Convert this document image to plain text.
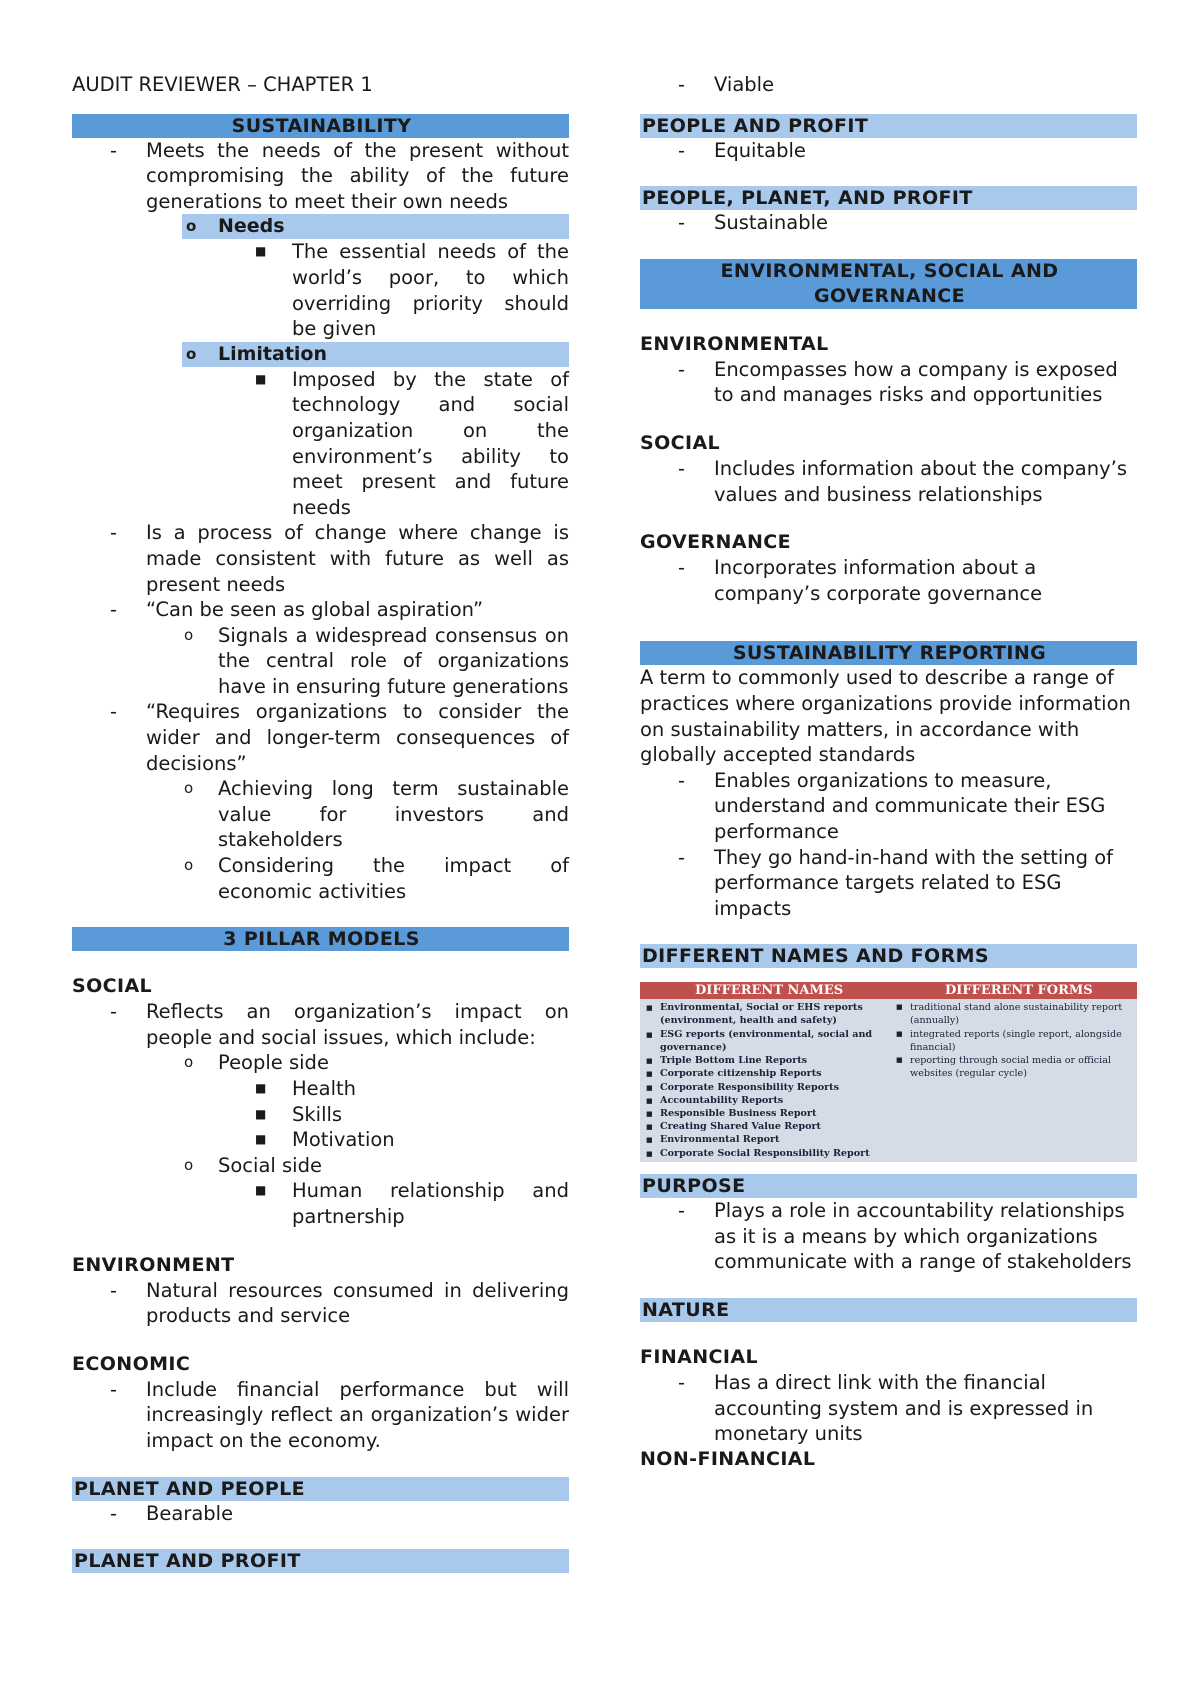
AUDIT REVIEWER – CHAPTER 1
SUSTAINABILITY
- Meets the needs of the present without compromising the ability of the future generations to meet their own needs
o Needs
■ The essential needs of the world’s poor, to which overriding priority should be given
o Limitation
■ Imposed by the state of technology and social organization on the environment’s ability to meet present and future needs
- Is a process of change where change is made consistent with future as well as present needs
- “Can be seen as global aspiration”
o Signals a widespread consensus on the central role of organizations have in ensuring future generations
- “Requires organizations to consider the wider and longer-term consequences of decisions”
o Achieving long term sustainable value for investors and stakeholders
o Considering the impact of economic activities
3 PILLAR MODELS
SOCIAL
- Reflects an organization’s impact on people and social issues, which include:
o People side
■ Health
■ Skills
■ Motivation
o Social side
■ Human relationship and partnership
ENVIRONMENT
- Natural resources consumed in delivering products and service
ECONOMIC
- Include financial performance but will increasingly reflect an organization’s wider impact on the economy.
PLANET AND PEOPLE
- Bearable
PLANET AND PROFIT
- Viable
PEOPLE AND PROFIT
- Equitable
PEOPLE, PLANET, AND PROFIT
- Sustainable
ENVIRONMENTAL, SOCIAL AND
GOVERNANCE
ENVIRONMENTAL
- Encompasses how a company is exposed to and manages risks and opportunities
SOCIAL
- Includes information about the company’s values and business relationships
GOVERNANCE
- Incorporates information about a company’s corporate governance
SUSTAINABILITY REPORTING
A term to commonly used to describe a range of practices where organizations provide information on sustainability matters, in accordance with globally accepted standards
- Enables organizations to measure, understand and communicate their ESG performance
- They go hand-in-hand with the setting of performance targets related to ESG impacts
DIFFERENT NAMES AND FORMS
DIFFERENT NAMES	DIFFERENT FORMS
■ Environmental, Social or EHS reports (environment, health and safety)
■ ESG reports (environmental, social and governance)
■ Triple Bottom Line Reports
■ Corporate citizenship Reports
■ Corporate Responsibility Reports
■ Accountability Reports
■ Responsible Business Report
■ Creating Shared Value Report
■ Environmental Report
■ Corporate Social Responsibility Report
■ traditional stand alone sustainability report (annually)
■ integrated reports (single report, alongside financial)
■ reporting through social media or official websites (regular cycle)
PURPOSE
- Plays a role in accountability relationships as it is a means by which organizations communicate with a range of stakeholders
NATURE
FINANCIAL
- Has a direct link with the financial accounting system and is expressed in monetary units
NON-FINANCIAL
